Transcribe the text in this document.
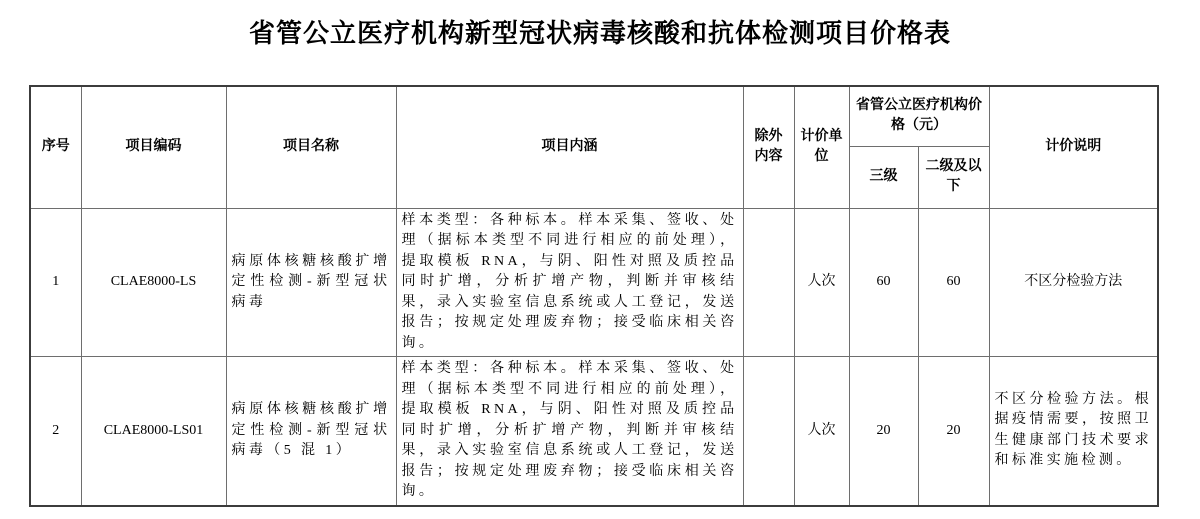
省管公立医疗机构新型冠状病毒核酸和抗体检测项目价格表
序号	项目编码	项目名称	项目内涵	除外内容	计价单位	省管公立医疗机构价格（元）		计价说明
						三级	二级及以下	
1	CLAE8000-LS	病原体核糖核酸扩增定性检测-新型冠状病毒	样本类型：各种标本。样本采集、签收、处理（据标本类型不同进行相应的前处理），提取模板 RNA，与阴、阳性对照及质控品同时扩增，分析扩增产物，判断并审核结果，录入实验室信息系统或人工登记，发送报告；按规定处理废弃物；接受临床相关咨询。		人次	60	60	不区分检验方法
2	CLAE8000-LS01	病原体核糖核酸扩增定性检测-新型冠状病毒（5 混 1）	样本类型：各种标本。样本采集、签收、处理（据标本类型不同进行相应的前处理），提取模板 RNA，与阴、阳性对照及质控品同时扩增，分析扩增产物，判断并审核结果，录入实验室信息系统或人工登记，发送报告；按规定处理废弃物；接受临床相关咨询。		人次	20	20	不区分检验方法。根据疫情需要，按照卫生健康部门技术要求和标准实施检测。
